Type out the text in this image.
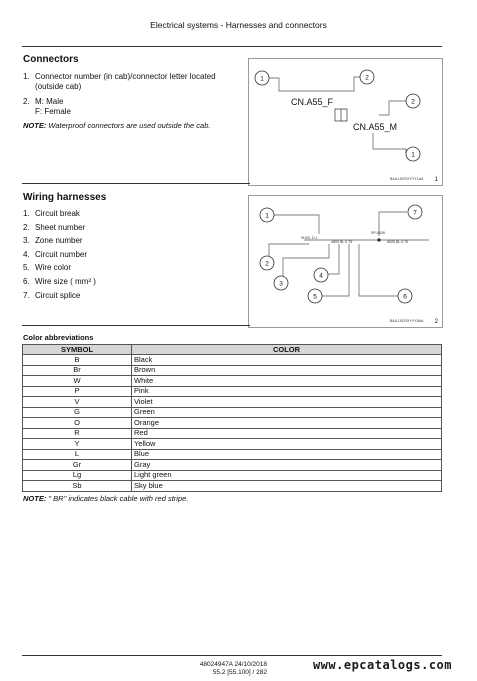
Electrical systems - Harnesses and connectors
Connectors
1. Connector number (in cab)/connector letter located (outside cab)
2. M: Male
F: Female
NOTE: Waterproof connectors are used outside the cab.
1	2
2
1
CN.A55_F
CN.A55_M
BAIL15CRXYYY1AA 1
Wiring harnesses
1. Circuit break
2. Sheet number
3. Zone number
4. Circuit number
5. Wire color
6. Wire size ( mm² )
7. Circuit splice
1	7
2
4
3
5	6
SH20, D-1
4800 BL 0.75
SP-6926
6926 BL 0.75
BAIL15CRXYYY8AA 2
Color abbreviations
SYMBOL	COLOR
B	Black
Br	Brown
W	White
P	Pink
V	Violet
G	Green
O	Orange
R	Red
Y	Yellow
L	Blue
Gr	Gray
Lg	Light green
Sb	Sky blue
NOTE: " BR" indicates black cable with red stripe.
48024947A 24/10/2018
55.2 [55.100] / 282
www.epcatalogs.com
